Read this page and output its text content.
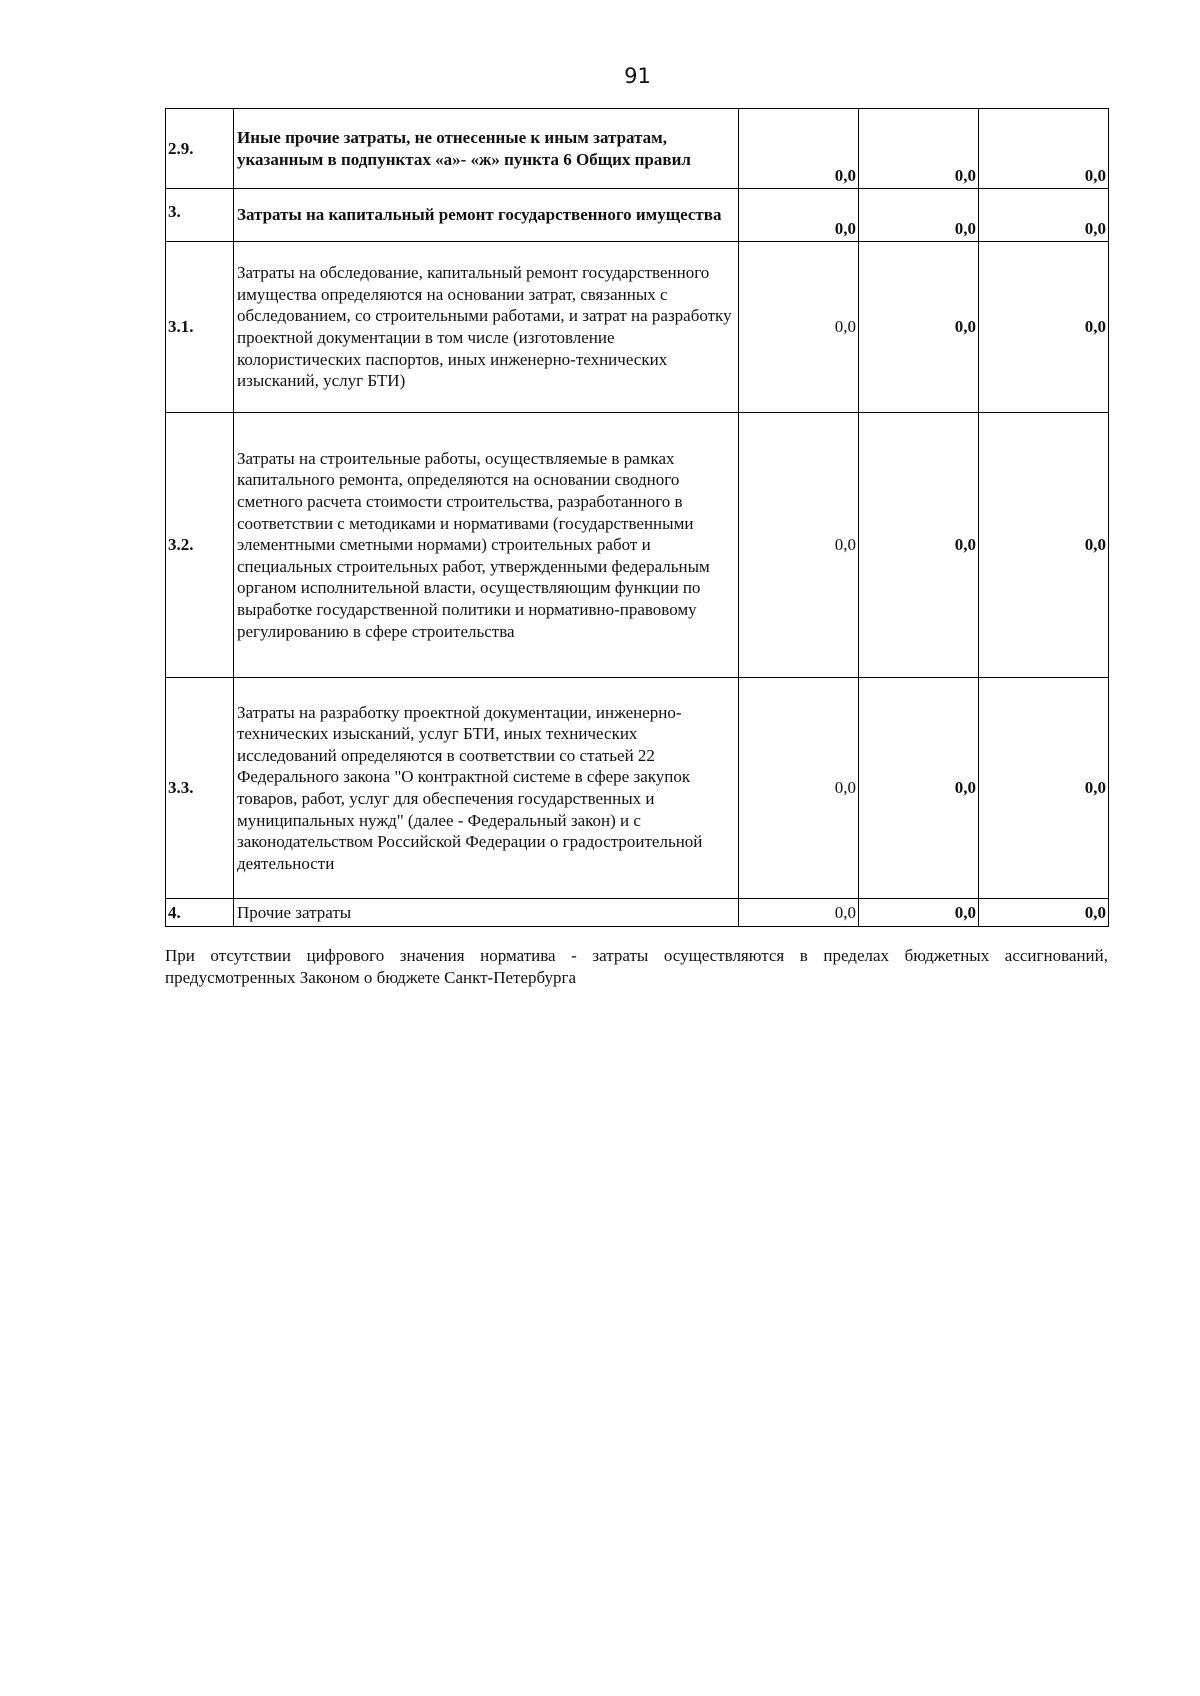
91
2.9.	Иные прочие затраты, не отнесенные к иным затратам, указанным в подпунктах «а»- «ж» пункта 6 Общих правил	0,0	0,0	0,0
3.	Затраты на капитальный ремонт государственного имущества	0,0	0,0	0,0
3.1.	Затраты на обследование, капитальный ремонт государственного имущества определяются на основании затрат, связанных с обследованием, со строительными работами, и затрат на разработку проектной документации в том числе (изготовление колористических паспортов, иных инженерно-технических изысканий, услуг БТИ)	0,0	0,0	0,0
3.2.	Затраты на строительные работы, осуществляемые в рамках капитального ремонта, определяются на основании сводного сметного расчета стоимости строительства, разработанного в соответствии с методиками и нормативами (государственными элементными сметными нормами) строительных работ и специальных строительных работ, утвержденными федеральным органом исполнительной власти, осуществляющим функции по выработке государственной политики и нормативно-правовому регулированию в сфере строительства	0,0	0,0	0,0
3.3.	Затраты на разработку проектной документации, инженерно-технических изысканий, услуг БТИ, иных технических исследований определяются в соответствии со статьей 22 Федерального закона "О контрактной системе в сфере закупок товаров, работ, услуг для обеспечения государственных и муниципальных нужд" (далее - Федеральный закон) и с законодательством Российской Федерации о градостроительной деятельности	0,0	0,0	0,0
4.	Прочие затраты	0,0	0,0	0,0
При отсутствии цифрового значения норматива - затраты осуществляются в пределах бюджетных ассигнований, предусмотренных Законом о бюджете Санкт-Петербурга
